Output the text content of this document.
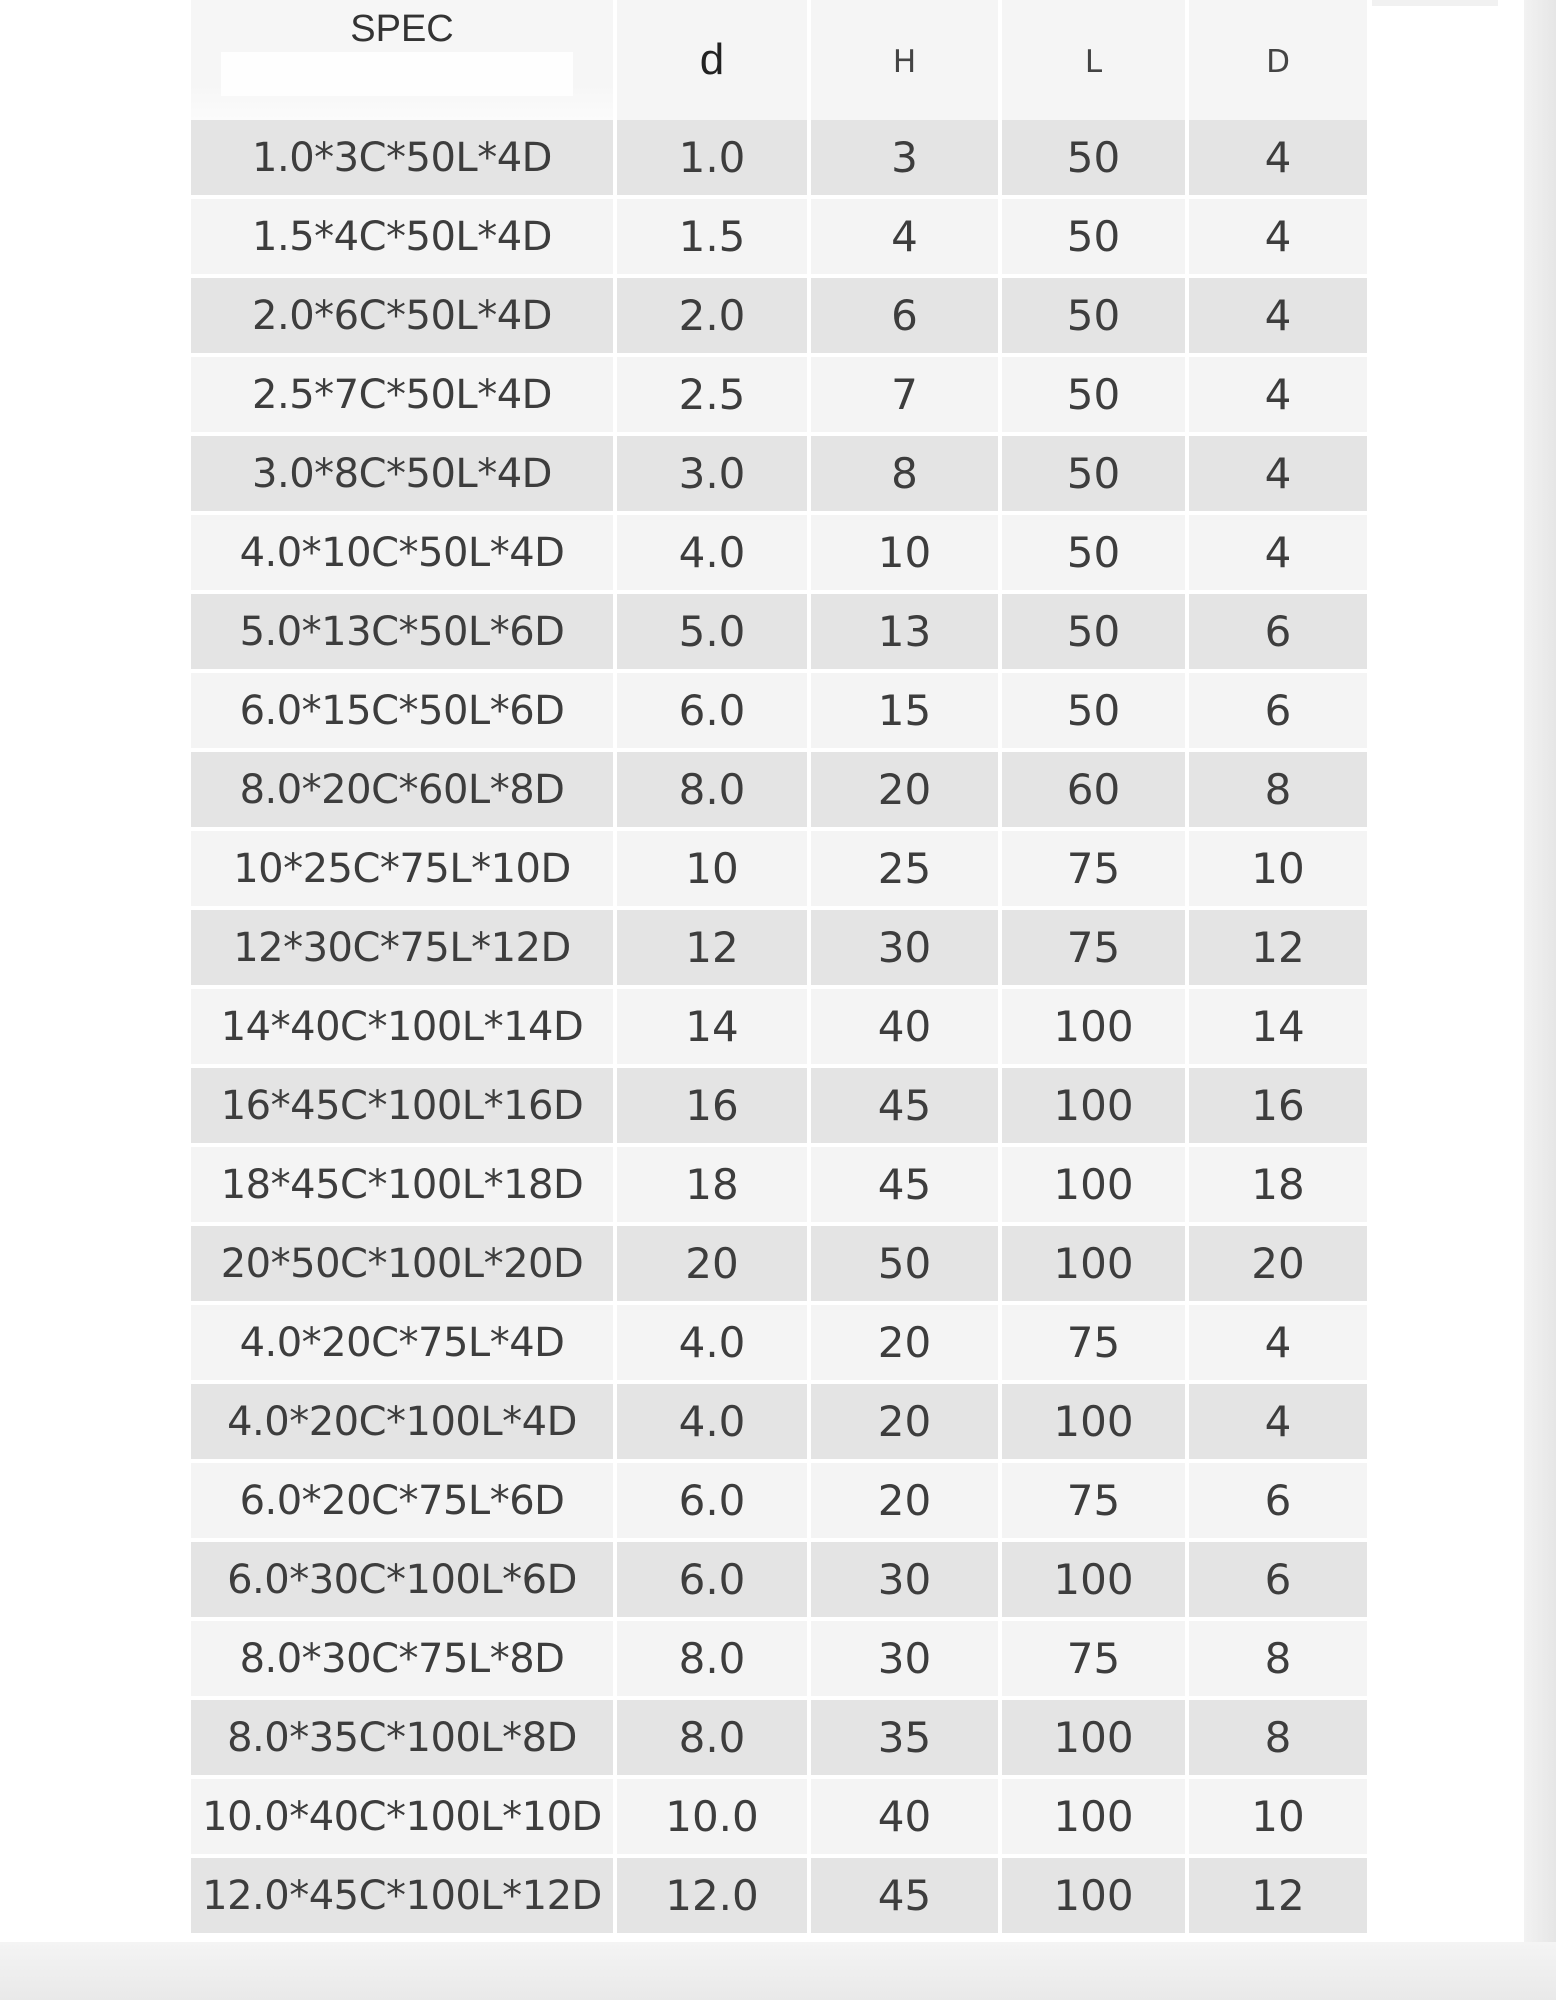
SPEC	d	H	L	D
1.0*3C*50L*4D	1.0	3	50	4
1.5*4C*50L*4D	1.5	4	50	4
2.0*6C*50L*4D	2.0	6	50	4
2.5*7C*50L*4D	2.5	7	50	4
3.0*8C*50L*4D	3.0	8	50	4
4.0*10C*50L*4D	4.0	10	50	4
5.0*13C*50L*6D	5.0	13	50	6
6.0*15C*50L*6D	6.0	15	50	6
8.0*20C*60L*8D	8.0	20	60	8
10*25C*75L*10D	10	25	75	10
12*30C*75L*12D	12	30	75	12
14*40C*100L*14D	14	40	100	14
16*45C*100L*16D	16	45	100	16
18*45C*100L*18D	18	45	100	18
20*50C*100L*20D	20	50	100	20
4.0*20C*75L*4D	4.0	20	75	4
4.0*20C*100L*4D	4.0	20	100	4
6.0*20C*75L*6D	6.0	20	75	6
6.0*30C*100L*6D	6.0	30	100	6
8.0*30C*75L*8D	8.0	30	75	8
8.0*35C*100L*8D	8.0	35	100	8
10.0*40C*100L*10D	10.0	40	100	10
12.0*45C*100L*12D	12.0	45	100	12
